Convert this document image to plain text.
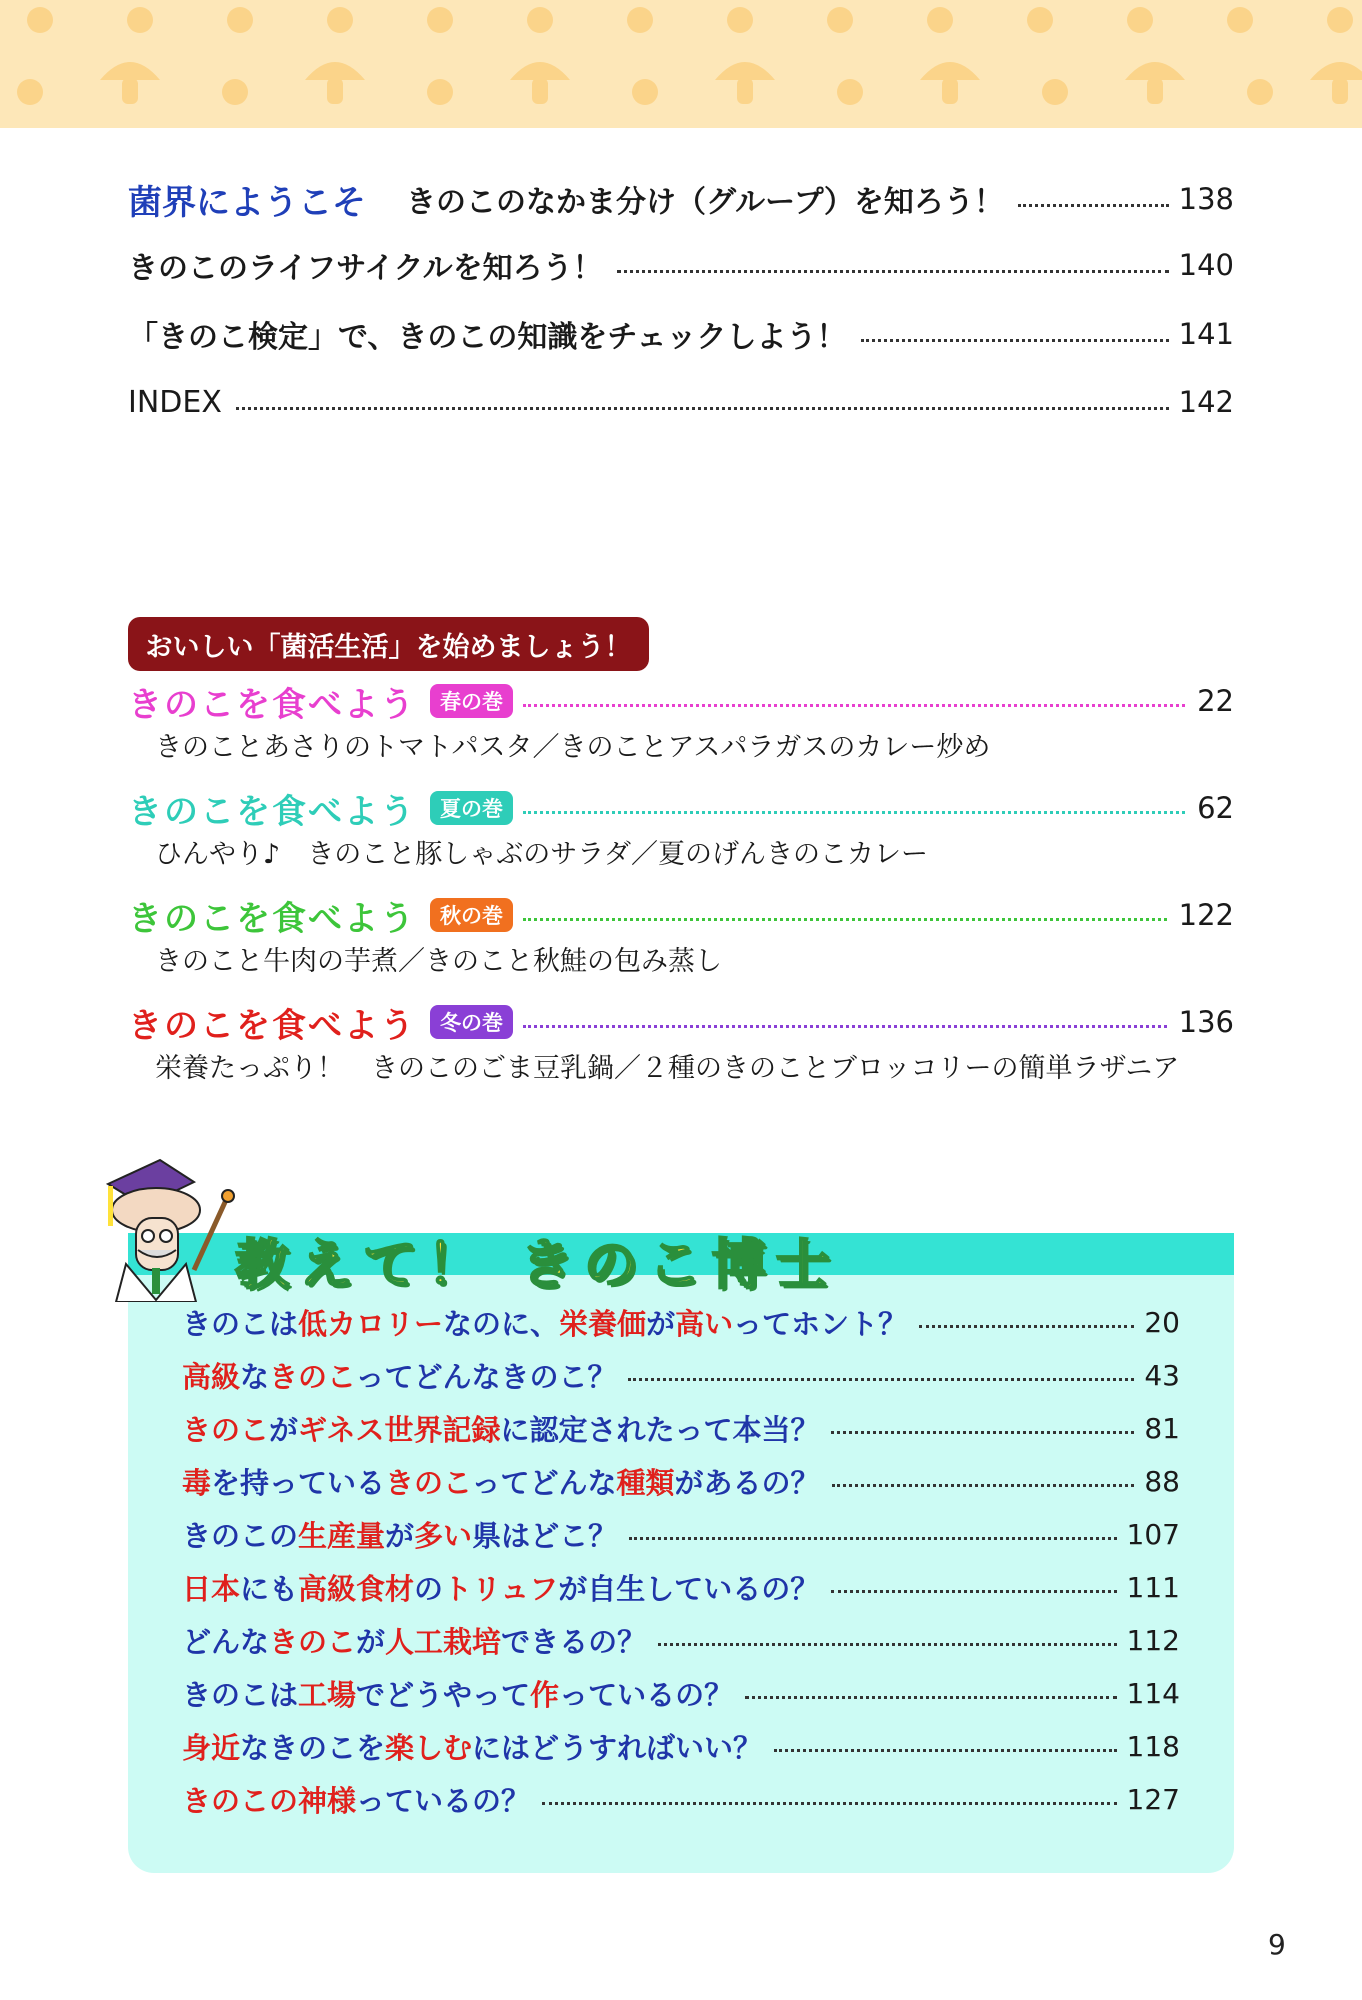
菌界にようこそ きのこのなかま分け（グループ）を知ろう！	138
きのこのライフサイクルを知ろう！	140
「きのこ検定」で、きのこの知識をチェックしよう！	141
INDEX	142
おいしい「菌活生活」を始めましょう！
きのこを食べよう	春の巻	22
きのことあさりのトマトパスタ／きのことアスパラガスのカレー炒め
きのこを食べよう	夏の巻	62
ひんやり♪　きのこと豚しゃぶのサラダ／夏のげんきのこカレー
きのこを食べよう	秋の巻	122
きのこと牛肉の芋煮／きのこと秋鮭の包み蒸し
きのこを食べよう	冬の巻	136
栄養たっぷり！　きのこのごま豆乳鍋／２種のきのことブロッコリーの簡単ラザニア
教えて！ きのこ博士
きのこは低カロリーなのに、栄養価が高いってホント？	20
高級なきのこってどんなきのこ？	43
きのこがギネス世界記録に認定されたって本当？	81
毒を持っているきのこってどんな種類があるの？	88
きのこの生産量が多い県はどこ？	107
日本にも高級食材のトリュフが自生しているの？	111
どんなきのこが人工栽培できるの？	112
きのこは工場でどうやって作っているの？	114
身近なきのこを楽しむにはどうすればいい？	118
きのこの神様っているの？	127
9
